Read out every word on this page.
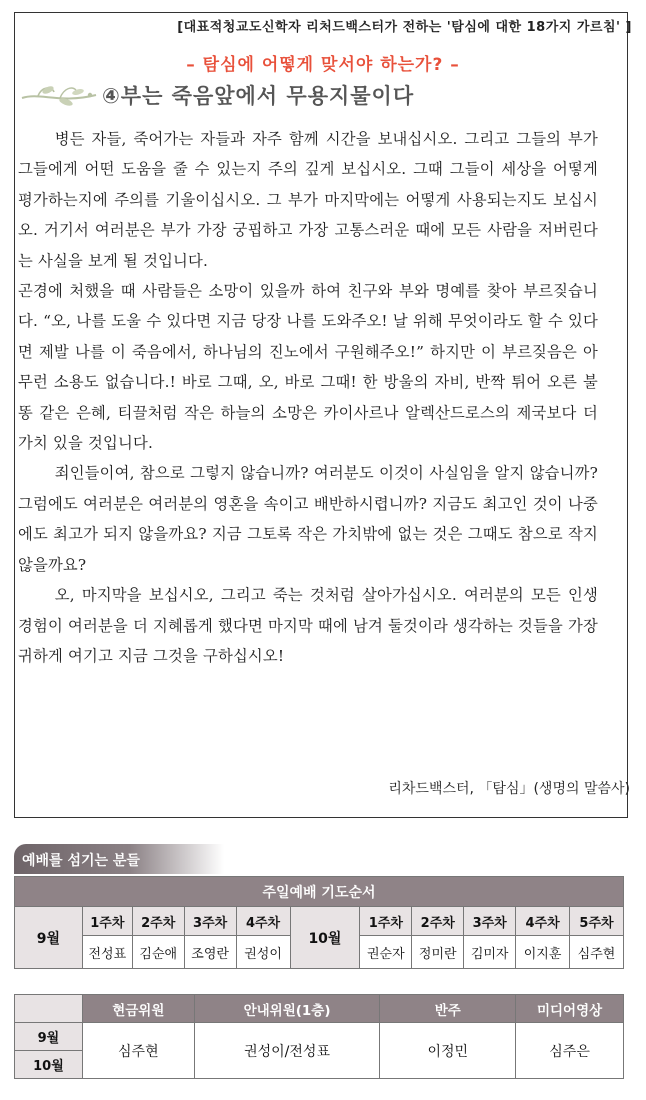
[대표적청교도신학자 리처드백스터가 전하는 '탐심에 대한 18가지 가르침' ]
– 탐심에 어떻게 맞서야 하는가? –
④부는 죽음앞에서 무용지물이다

병든 자들, 죽어가는 자들과 자주 함께 시간을 보내십시오. 그리고 그들의 부가 그들에게 어떤 도움을 줄 수 있는지 주의 깊게 보십시오. 그때 그들이 세상을 어떻게 평가하는지에 주의를 기울이십시오. 그 부가 마지막에는 어떻게 사용되는지도 보십시오. 거기서 여러분은 부가 가장 궁핍하고 가장 고통스러운 때에 모든 사람을 저버린다는 사실을 보게 될 것입니다.

곤경에 처했을 때 사람들은 소망이 있을까 하여 친구와 부와 명예를 찾아 부르짖습니다. “오, 나를 도울 수 있다면 지금 당장 나를 도와주오! 날 위해 무엇이라도 할 수 있다면 제발 나를 이 죽음에서, 하나님의 진노에서 구원해주오!” 하지만 이 부르짖음은 아무런 소용도 없습니다.! 바로 그때, 오, 바로 그때! 한 방울의 자비, 반짝 튀어 오른 불똥 같은 은혜, 티끌처럼 작은 하늘의 소망은 카이사르나 알렉산드로스의 제국보다 더 가치 있을 것입니다.

죄인들이여, 참으로 그렇지 않습니까? 여러분도 이것이 사실임을 알지 않습니까? 그럼에도 여러분은 여러분의 영혼을 속이고 배반하시렵니까? 지금도 최고인 것이 나중에도 최고가 되지 않을까요? 지금 그토록 작은 가치밖에 없는 것은 그때도 참으로 작지 않을까요?

오, 마지막을 보십시오, 그리고 죽는 것처럼 살아가십시오. 여러분의 모든 인생 경험이 여러분을 더 지혜롭게 했다면 마지막 때에 남겨 둘것이라 생각하는 것들을 가장 귀하게 여기고 지금 그것을 구하십시오!

리차드백스터, 「탐심」(생명의 말씀사)
예배를 섬기는 분들
주일예배 기도순서										
9월	1주차	2주차	3주차	4주차	10월	1주차	2주차	3주차	4주차	5주차
	전성표	김순애	조영란	권성이		권순자	정미란	김미자	이지훈	심주현
	현금위원	안내위원(1층)	반주	미디어영상
9월	심주현	권성이/전성표	이정민	심주은
10월				
